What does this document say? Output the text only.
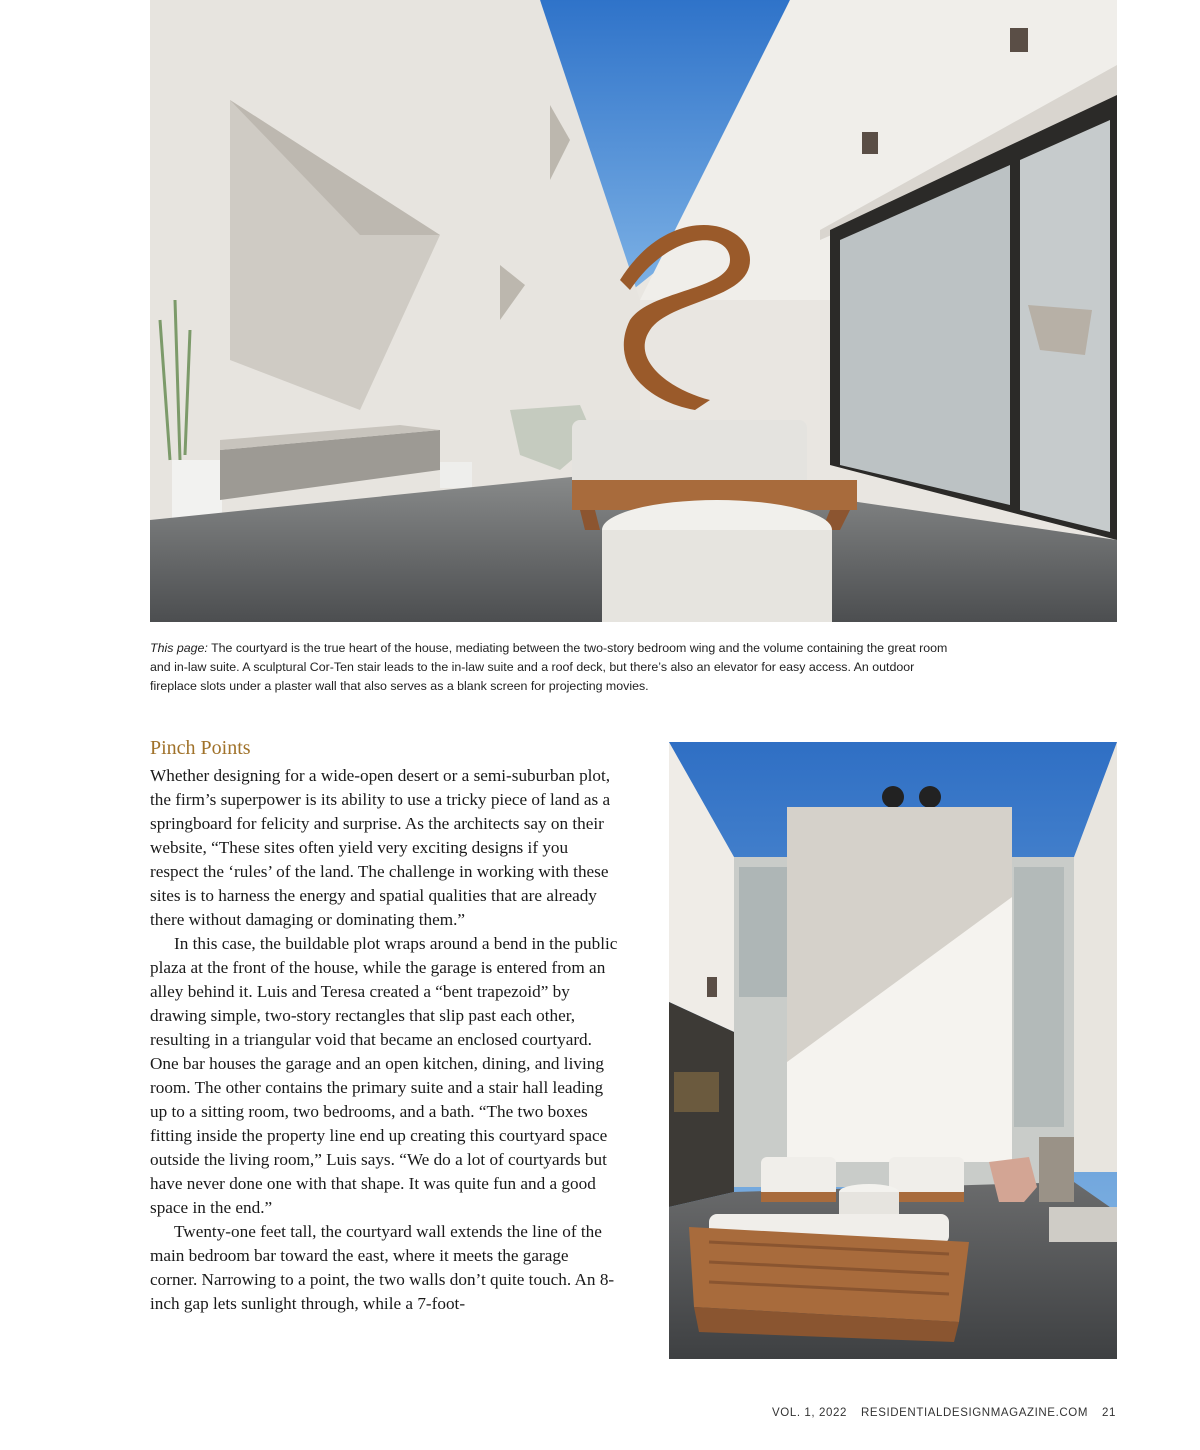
This page: The courtyard is the true heart of the house, mediating between the two-story bedroom wing and the volume containing the great room and in-law suite. A sculptural Cor-Ten stair leads to the in-law suite and a roof deck, but there’s also an elevator for easy access. An outdoor fireplace slots under a plaster wall that also serves as a blank screen for projecting movies.
Pinch Points

Whether designing for a wide-open desert or a semi-suburban plot, the firm’s superpower is its ability to use a tricky piece of land as a springboard for felicity and surprise. As the architects say on their website, “These sites often yield very exciting designs if you respect the ‘rules’ of the land. The challenge in working with these sites is to harness the energy and spatial qualities that are already there without damaging or dominating them.”

In this case, the buildable plot wraps around a bend in the public plaza at the front of the house, while the garage is entered from an alley behind it. Luis and Teresa created a “bent trapezoid” by drawing simple, two-story rectangles that slip past each other, resulting in a triangular void that became an enclosed courtyard. One bar houses the garage and an open kitchen, dining, and living room. The other contains the primary suite and a stair hall leading up to a sitting room, two bedrooms, and a bath. “The two boxes fitting inside the property line end up creating this courtyard space outside the living room,” Luis says. “We do a lot of courtyards but have never done one with that shape. It was quite fun and a good space in the end.”

Twenty-one feet tall, the courtyard wall extends the line of the main bedroom bar toward the east, where it meets the garage corner. Narrowing to a point, the two walls don’t quite touch. An 8-inch gap lets sunlight through, while a 7-foot-

VOL. 1, 2022 RESIDENTIALDESIGNMAGAZINE.COM 21
